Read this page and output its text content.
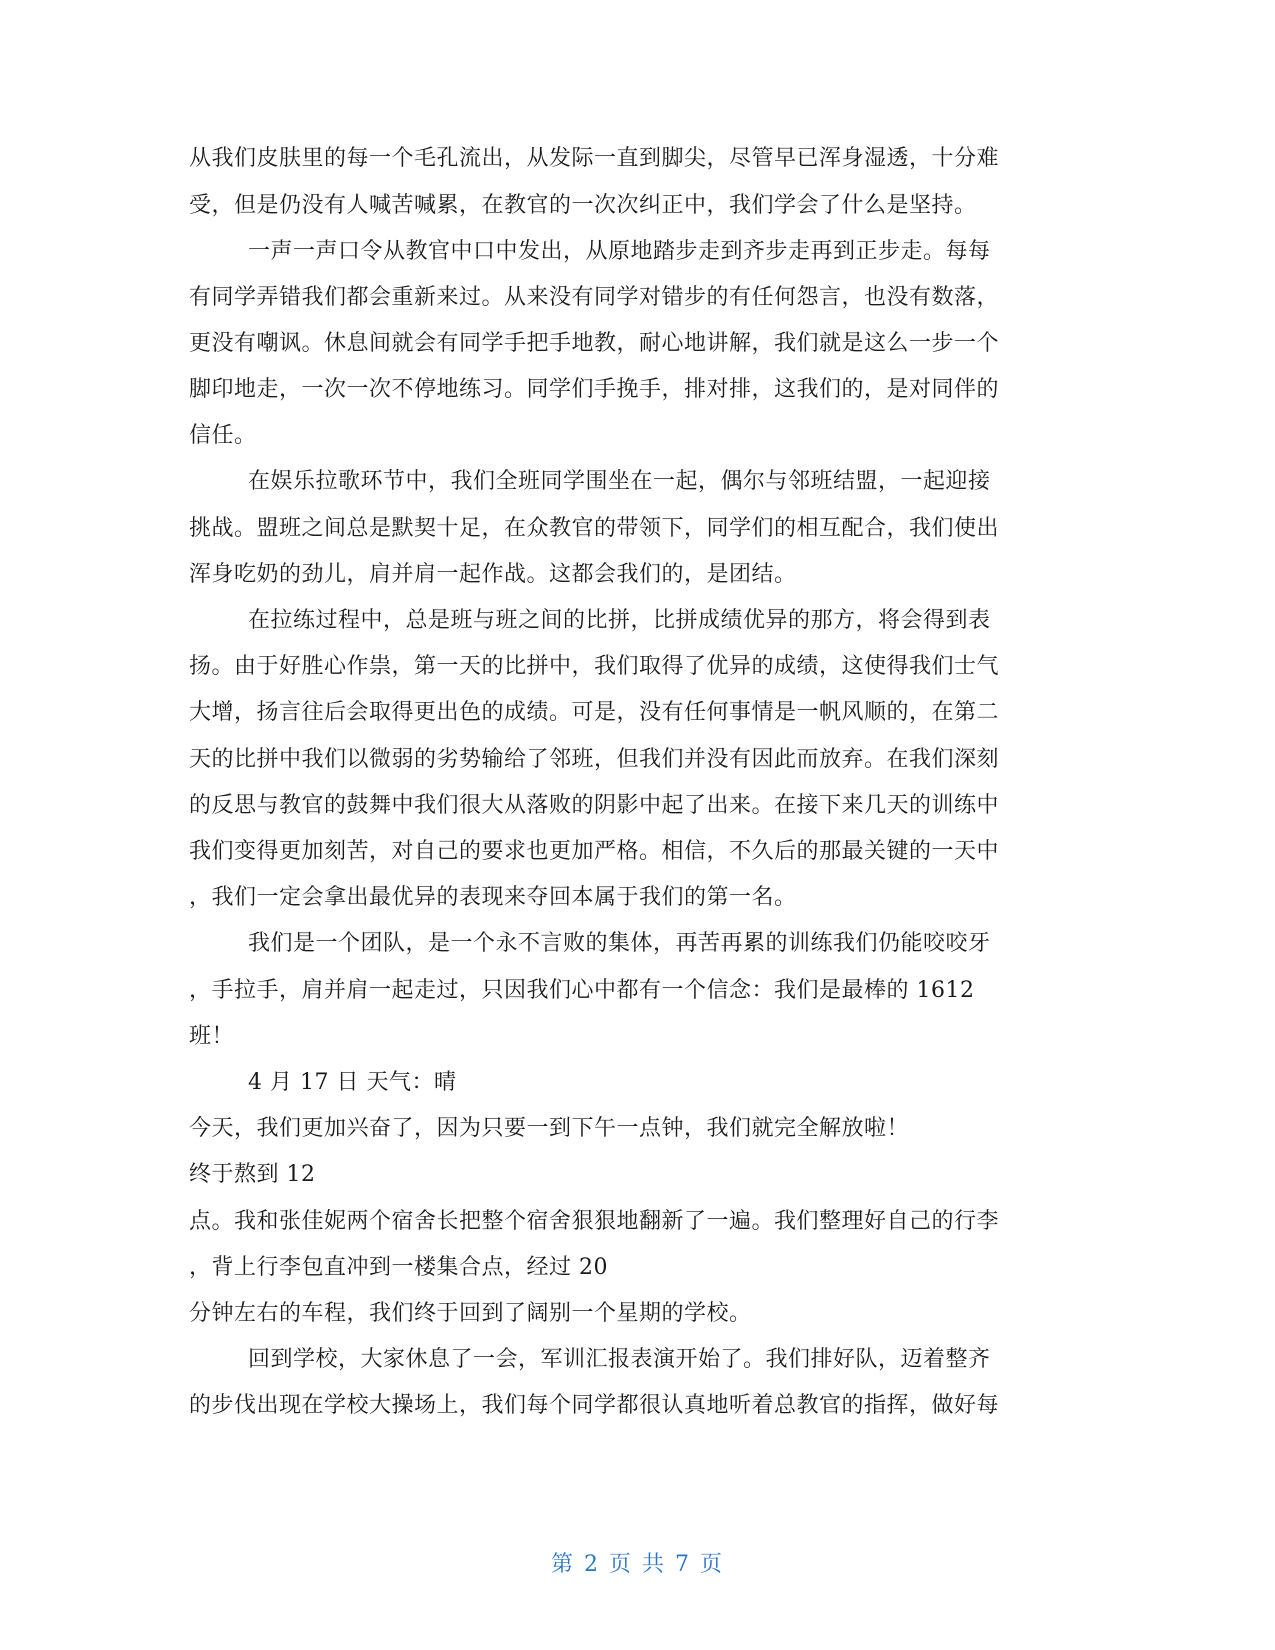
从我们皮肤里的每一个毛孔流出，从发际一直到脚尖，尽管早已浑身湿透，十分难
受，但是仍没有人喊苦喊累，在教官的一次次纠正中，我们学会了什么是坚持。
一声一声口令从教官中口中发出，从原地踏步走到齐步走再到正步走。每每
有同学弄错我们都会重新来过。从来没有同学对错步的有任何怨言，也没有数落，
更没有嘲讽。休息间就会有同学手把手地教，耐心地讲解，我们就是这么一步一个
脚印地走，一次一次不停地练习。同学们手挽手，排对排，这我们的，是对同伴的
信任。
在娱乐拉歌环节中，我们全班同学围坐在一起，偶尔与邻班结盟，一起迎接
挑战。盟班之间总是默契十足，在众教官的带领下，同学们的相互配合，我们使出
浑身吃奶的劲儿，肩并肩一起作战。这都会我们的，是团结。
在拉练过程中，总是班与班之间的比拼，比拼成绩优异的那方，将会得到表
扬。由于好胜心作祟，第一天的比拼中，我们取得了优异的成绩，这使得我们士气
大增，扬言往后会取得更出色的成绩。可是，没有任何事情是一帆风顺的，在第二
天的比拼中我们以微弱的劣势输给了邻班，但我们并没有因此而放弃。在我们深刻
的反思与教官的鼓舞中我们很大从落败的阴影中起了出来。在接下来几天的训练中
我们变得更加刻苦，对自己的要求也更加严格。相信，不久后的那最关键的一天中
，我们一定会拿出最优异的表现来夺回本属于我们的第一名。
我们是一个团队，是一个永不言败的集体，再苦再累的训练我们仍能咬咬牙
，手拉手，肩并肩一起走过，只因我们心中都有一个信念：我们是最棒的 1612
班！
4 月 17 日 天气：晴
今天，我们更加兴奋了，因为只要一到下午一点钟，我们就完全解放啦！
终于熬到 12
点。我和张佳妮两个宿舍长把整个宿舍狠狠地翻新了一遍。我们整理好自己的行李
，背上行李包直冲到一楼集合点，经过 20
分钟左右的车程，我们终于回到了阔别一个星期的学校。
回到学校，大家休息了一会，军训汇报表演开始了。我们排好队，迈着整齐
的步伐出现在学校大操场上，我们每个同学都很认真地听着总教官的指挥，做好每
第 2 页 共 7 页
